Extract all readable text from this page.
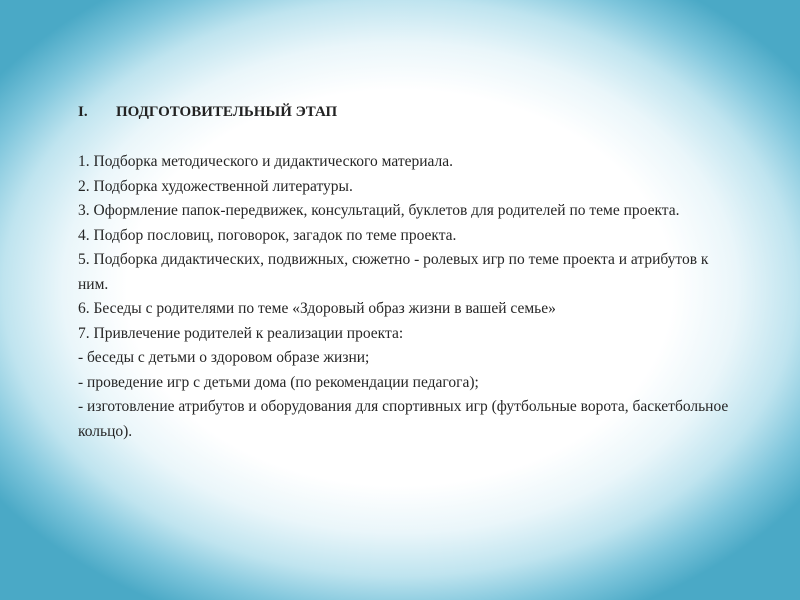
I.	ПОДГОТОВИТЕЛЬНЫЙ ЭТАП

1. Подборка методического и дидактического материала.

2. Подборка художественной литературы.

3. Оформление папок-передвижек, консультаций, буклетов для родителей по теме проекта.

4. Подбор пословиц, поговорок, загадок по теме проекта.

5. Подборка дидактических, подвижных, сюжетно - ролевых игр по теме проекта и атрибутов к ним.

6. Беседы с родителями по теме «Здоровый образ жизни в вашей семье»

7. Привлечение родителей к реализации проекта:

- беседы с детьми о здоровом образе жизни;

- проведение игр с детьми дома (по рекомендации педагога);

- изготовление атрибутов и оборудования для спортивных игр (футбольные ворота, баскетбольное кольцо).
